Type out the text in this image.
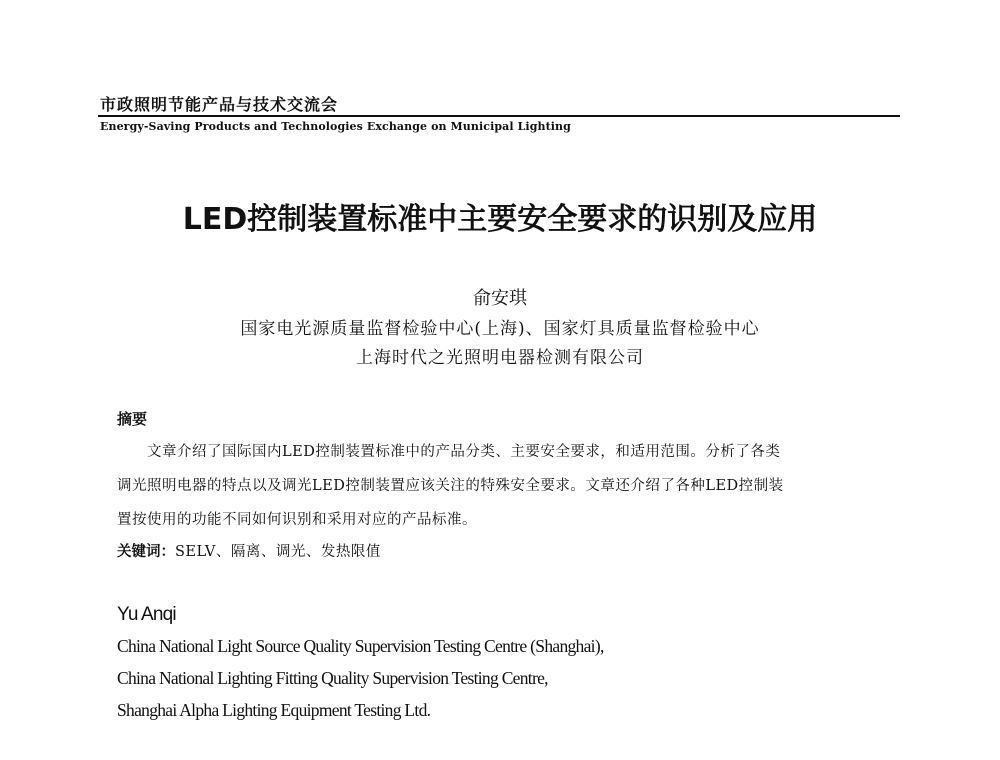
市政照明节能产品与技术交流会
Energy-Saving Products and Technologies Exchange on Municipal Lighting
LED控制装置标准中主要安全要求的识别及应用
俞安琪
国家电光源质量监督检验中心(上海)、国家灯具质量监督检验中心
上海时代之光照明电器检测有限公司
摘要
文章介绍了国际国内LED控制装置标准中的产品分类、主要安全要求，和适用范围。分析了各类
调光照明电器的特点以及调光LED控制装置应该关注的特殊安全要求。文章还介绍了各种LED控制装
置按使用的功能不同如何识别和采用对应的产品标准。
关键词：SELV、隔离、调光、发热限值
Yu Anqi
China National Light Source Quality Supervision Testing Centre (Shanghai),
China National Lighting Fitting Quality Supervision Testing Centre,
Shanghai Alpha Lighting Equipment Testing Ltd.
